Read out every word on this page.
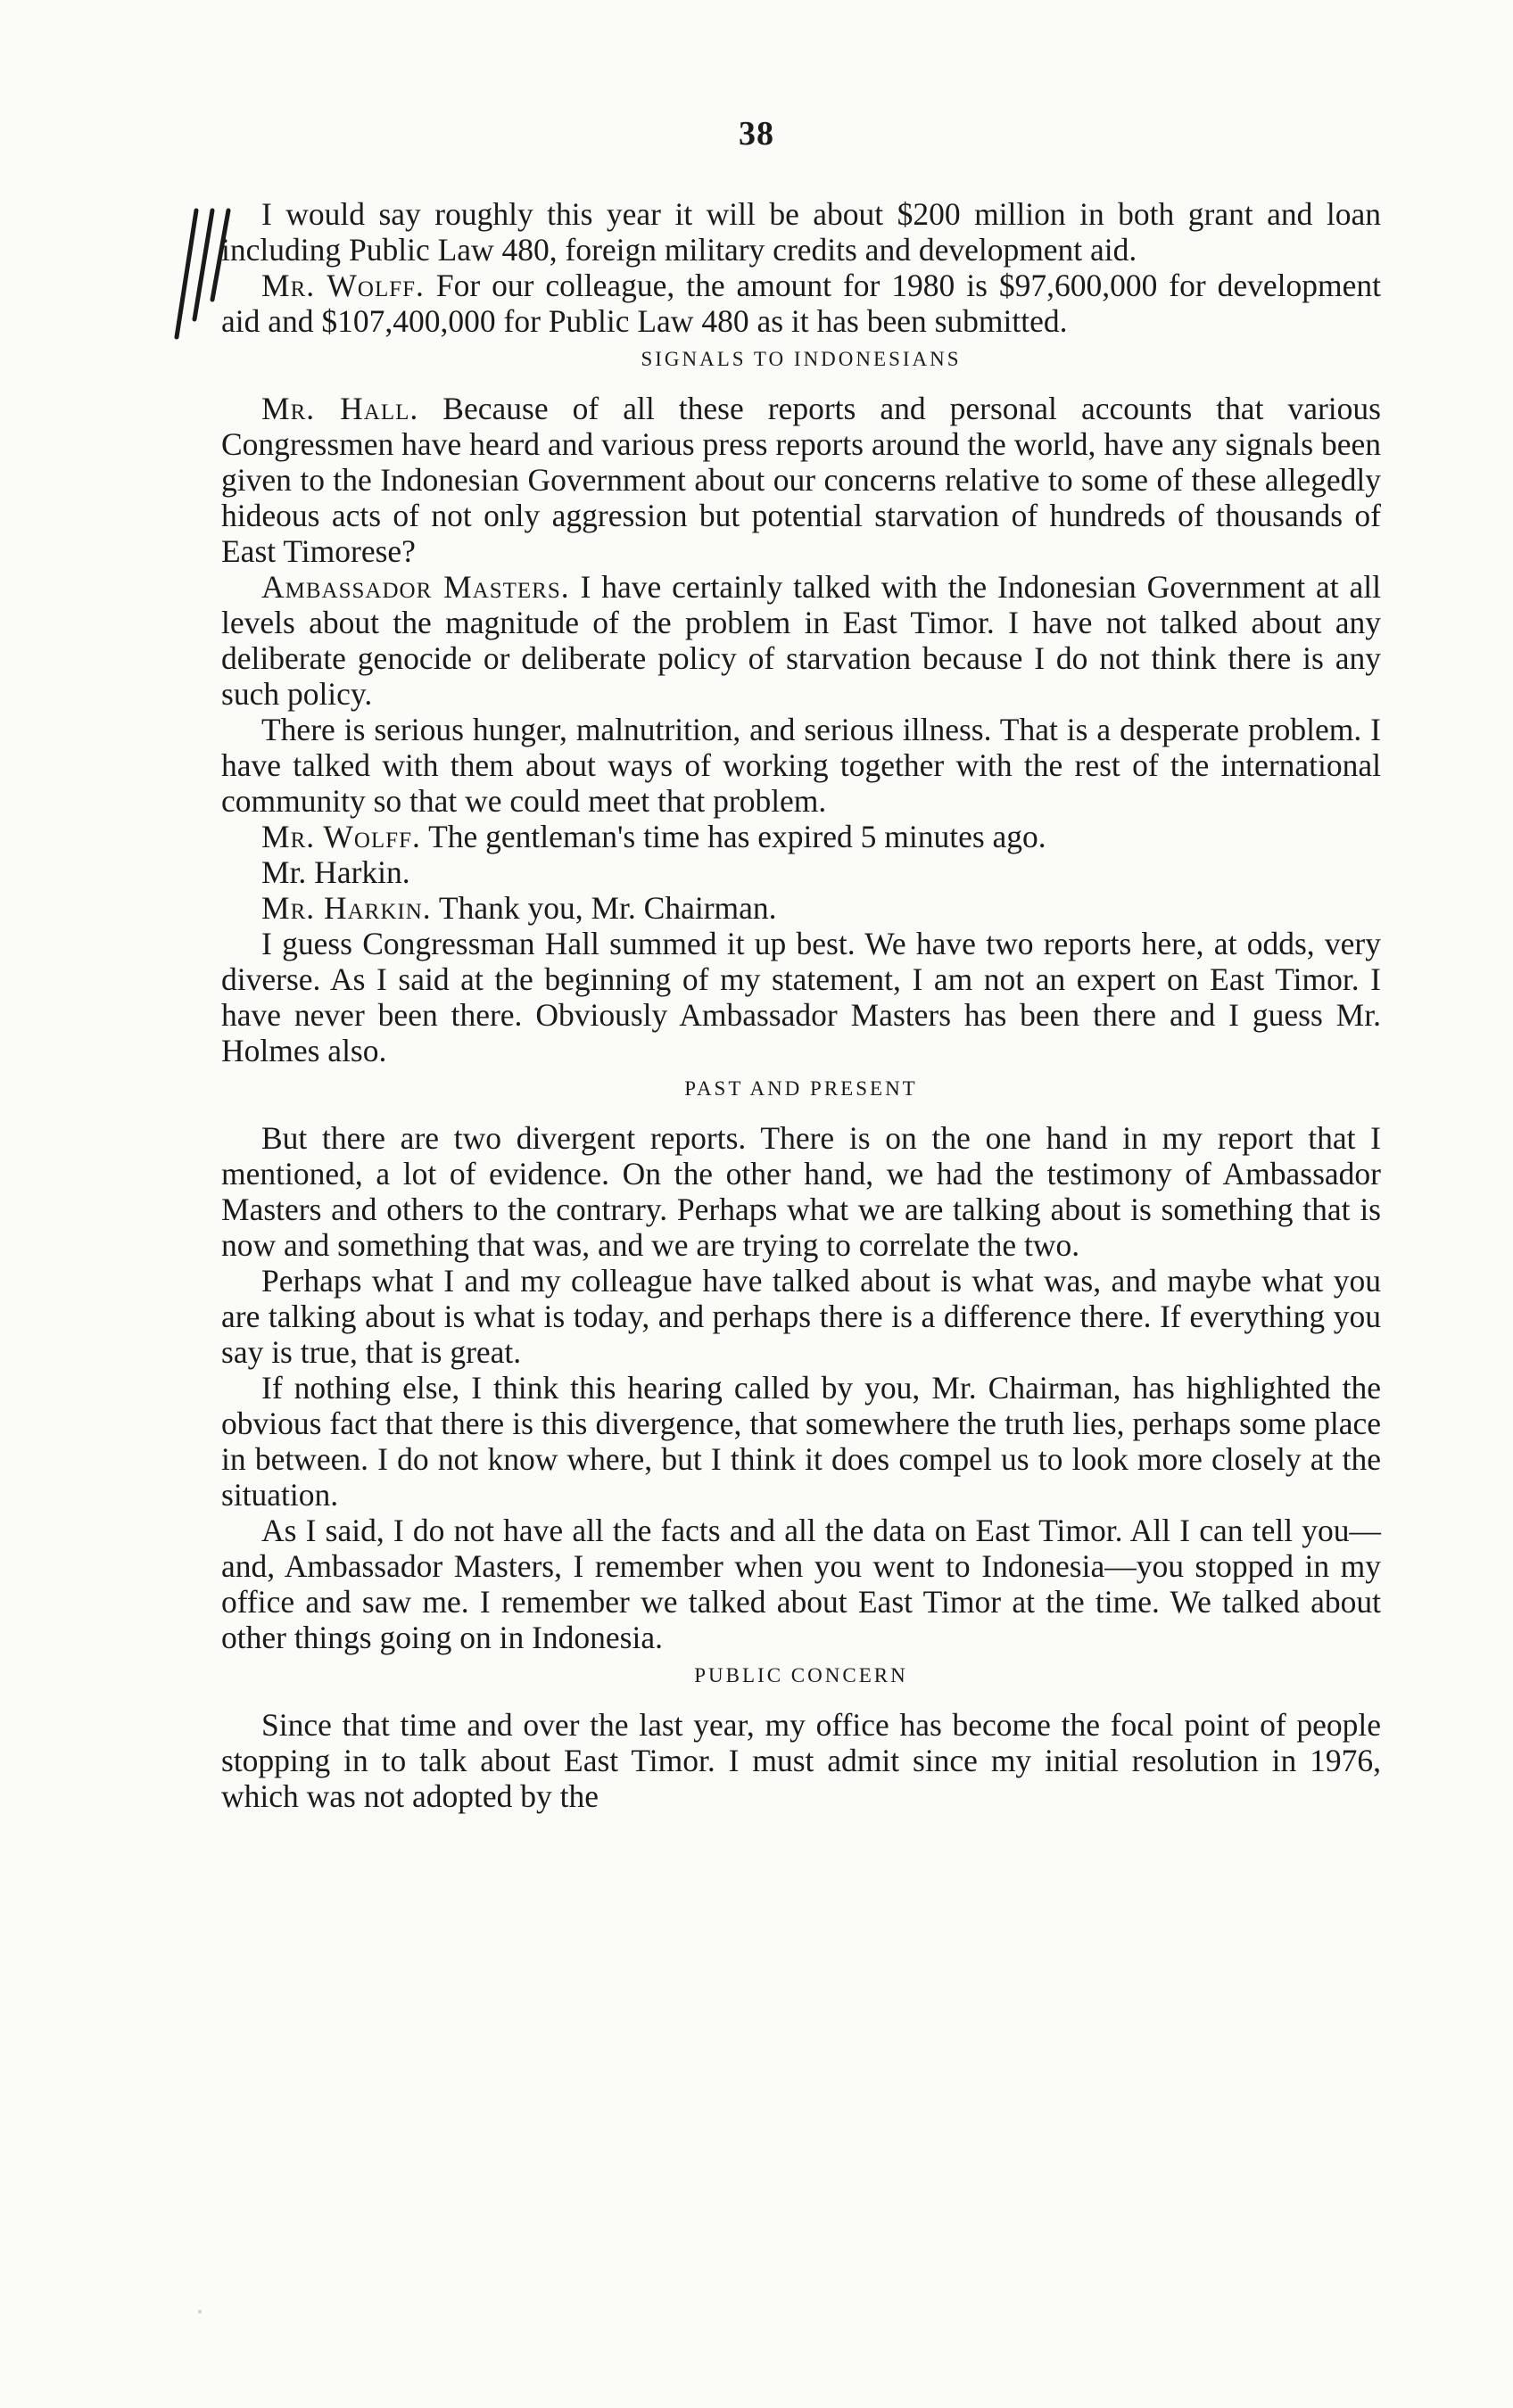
38

I would say roughly this year it will be about $200 million in both grant and loan including Public Law 480, foreign military credits and development aid.

Mr. Wolff. For our colleague, the amount for 1980 is $97,600,000 for development aid and $107,400,000 for Public Law 480 as it has been submitted.

SIGNALS TO INDONESIANS

Mr. Hall. Because of all these reports and personal accounts that various Congressmen have heard and various press reports around the world, have any signals been given to the Indonesian Government about our concerns relative to some of these allegedly hideous acts of not only aggression but potential starvation of hundreds of thousands of East Timorese?

Ambassador Masters. I have certainly talked with the Indonesian Government at all levels about the magnitude of the problem in East Timor. I have not talked about any deliberate genocide or deliberate policy of starvation because I do not think there is any such policy.

There is serious hunger, malnutrition, and serious illness. That is a desperate problem. I have talked with them about ways of working together with the rest of the international community so that we could meet that problem.

Mr. Wolff. The gentleman's time has expired 5 minutes ago.

Mr. Harkin.

Mr. Harkin. Thank you, Mr. Chairman.

I guess Congressman Hall summed it up best. We have two reports here, at odds, very diverse. As I said at the beginning of my statement, I am not an expert on East Timor. I have never been there. Obviously Ambassador Masters has been there and I guess Mr. Holmes also.

PAST AND PRESENT

But there are two divergent reports. There is on the one hand in my report that I mentioned, a lot of evidence. On the other hand, we had the testimony of Ambassador Masters and others to the contrary. Perhaps what we are talking about is something that is now and something that was, and we are trying to correlate the two.

Perhaps what I and my colleague have talked about is what was, and maybe what you are talking about is what is today, and perhaps there is a difference there. If everything you say is true, that is great.

If nothing else, I think this hearing called by you, Mr. Chairman, has highlighted the obvious fact that there is this divergence, that somewhere the truth lies, perhaps some place in between. I do not know where, but I think it does compel us to look more closely at the situation.

As I said, I do not have all the facts and all the data on East Timor. All I can tell you—and, Ambassador Masters, I remember when you went to Indonesia—you stopped in my office and saw me. I remember we talked about East Timor at the time. We talked about other things going on in Indonesia.

PUBLIC CONCERN

Since that time and over the last year, my office has become the focal point of people stopping in to talk about East Timor. I must admit since my initial resolution in 1976, which was not adopted by the
